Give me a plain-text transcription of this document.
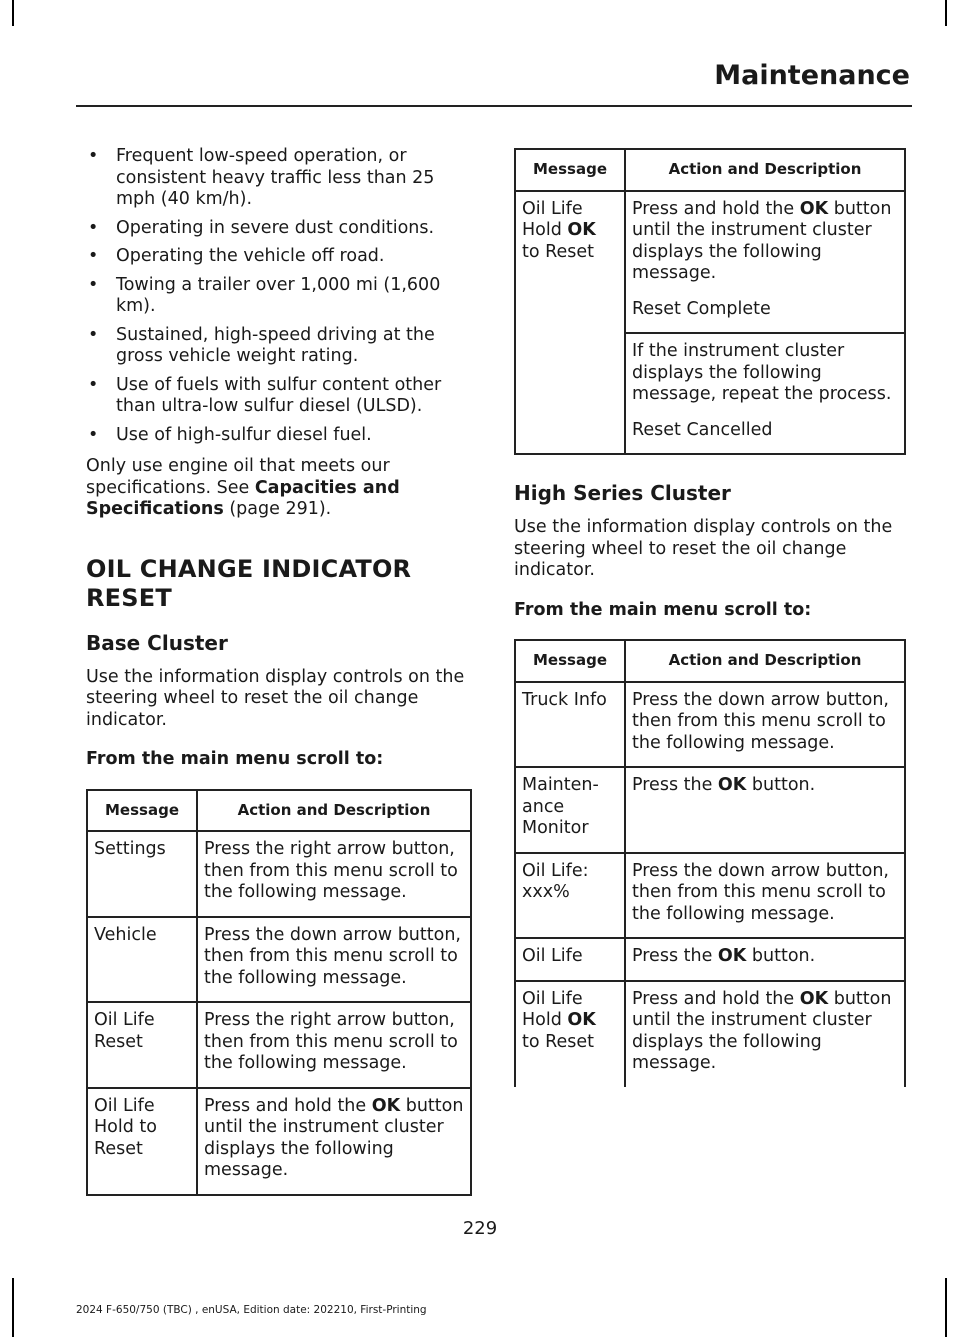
Maintenance
• Frequent low-speed operation, or consistent heavy traffic less than 25 mph (40 km/h).
• Operating in severe dust conditions.
• Operating the vehicle off road.
• Towing a trailer over 1,000 mi (1,600 km).
• Sustained, high-speed driving at the gross vehicle weight rating.
• Use of fuels with sulfur content other than ultra-low sulfur diesel (ULSD).
• Use of high-sulfur diesel fuel.

Only use engine oil that meets our specifications. See Capacities and Specifications (page 291).

OIL CHANGE INDICATOR
RESET
Base Cluster

Use the information display controls on the steering wheel to reset the oil change indicator.

From the main menu scroll to:

Message	Action and Description
Settings	Press the right arrow button, then from this menu scroll to the following message.
Vehicle	Press the down arrow button, then from this menu scroll to the following message.
Oil Life Reset	Press the right arrow button, then from this menu scroll to the following message.
Oil Life Hold to Reset	Press and hold the OK button until the instrument cluster displays the following message.
Message	Action and Description
Oil Life Hold OK to Reset	Press and hold the OK button until the instrument cluster displays the following message.
Reset Complete

	If the instrument cluster displays the following message, repeat the process.
Reset Cancelled
High Series Cluster

Use the information display controls on the steering wheel to reset the oil change indicator.

From the main menu scroll to:

Message	Action and Description
Truck Info	Press the down arrow button, then from this menu scroll to the following message.
Mainten-ance Monitor	Press the OK button.
Oil Life: xxx%	Press the down arrow button, then from this menu scroll to the following message.
Oil Life	Press the OK button.
Oil Life Hold OK to Reset	Press and hold the OK button until the instrument cluster displays the following message.
229
2024 F-650/750 (TBC) , enUSA, Edition date: 202210, First-Printing
